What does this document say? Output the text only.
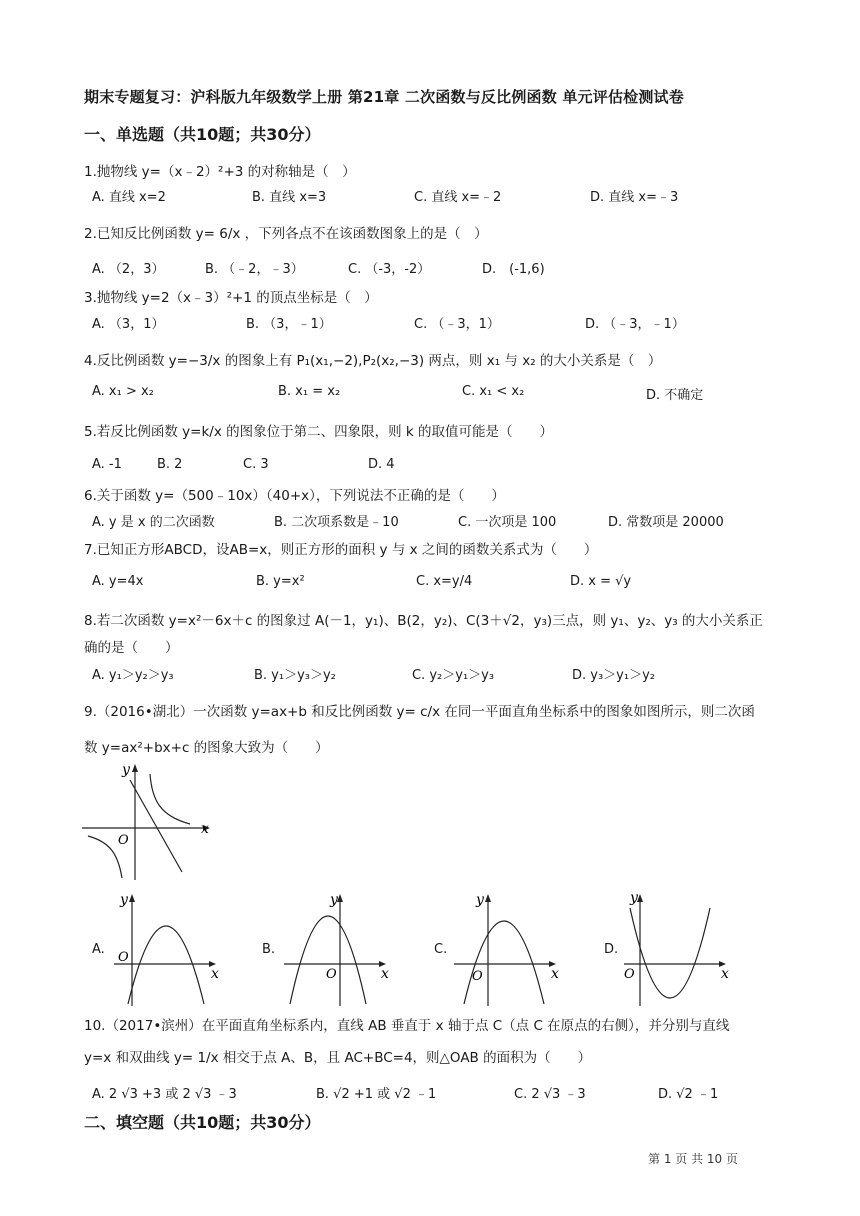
期末专题复习：沪科版九年级数学上册 第21章 二次函数与反比例函数 单元评估检测试卷
一、单选题（共10题；共30分）
1.抛物线 y=（x﹣2）²+3 的对称轴是（　）
A. 直线 x=2	B. 直线 x=3	C. 直线 x=﹣2	D. 直线 x=﹣3
2.已知反比例函数 y= 6/x ，下列各点不在该函数图象上的是（　）
A. （2，3）	B. （﹣2，﹣3）	C. （-3，-2）	D.　(-1,6)
3.抛物线 y=2（x﹣3）²+1 的顶点坐标是（　）
A. （3，1）	B. （3，﹣1）	C. （﹣3，1）	D. （﹣3，﹣1）
4.反比例函数 y=−3/x 的图象上有 P₁(x₁,−2),P₂(x₂,−3) 两点，则 x₁ 与 x₂ 的大小关系是（　）
A. x₁ > x₂	B. x₁ = x₂	C. x₁ < x₂	D. 不确定
5.若反比例函数 y=k/x 的图象位于第二、四象限，则 k 的取值可能是（　　）
A. -1	B. 2	C. 3	D. 4
6.关于函数 y=（500﹣10x）（40+x），下列说法不正确的是（　　）
A. y 是 x 的二次函数	B. 二次项系数是﹣10	C. 一次项是 100	D. 常数项是 20000
7.已知正方形ABCD，设AB=x，则正方形的面积 y 与 x 之间的函数关系式为（　　）
A. y=4x	B. y=x²	C. x=y/4	D. x = √y
8.若二次函数 y=x²－6x＋c 的图象过 A(－1，y₁)、B(2，y₂)、C(3＋√2，y₃)三点，则 y₁、y₂、y₃ 的大小关系正
确的是（　　）
A. y₁＞y₂＞y₃	B. y₁＞y₃＞y₂	C. y₂＞y₁＞y₃	D. y₃＞y₁＞y₂
9.（2016•湖北）一次函数 y=ax+b 和反比例函数 y= c/x 在同一平面直角坐标系中的图象如图所示，则二次函
数 y=ax²+bx+c 的图象大致为（　　）
y
x
O
A.
y
x
O
B.
y
x
O
C.
y
x
O
D.
y
x
O
10.（2017•滨州）在平面直角坐标系内，直线 AB 垂直于 x 轴于点 C（点 C 在原点的右侧），并分别与直线
y=x 和双曲线 y= 1/x 相交于点 A、B，且 AC+BC=4，则△OAB 的面积为（　　）
A. 2 √3 +3 或 2 √3 ﹣3	B. √2 +1 或 √2 ﹣1	C. 2 √3 ﹣3	D. √2 ﹣1
二、填空题（共10题；共30分）
第 1 页 共 10 页
